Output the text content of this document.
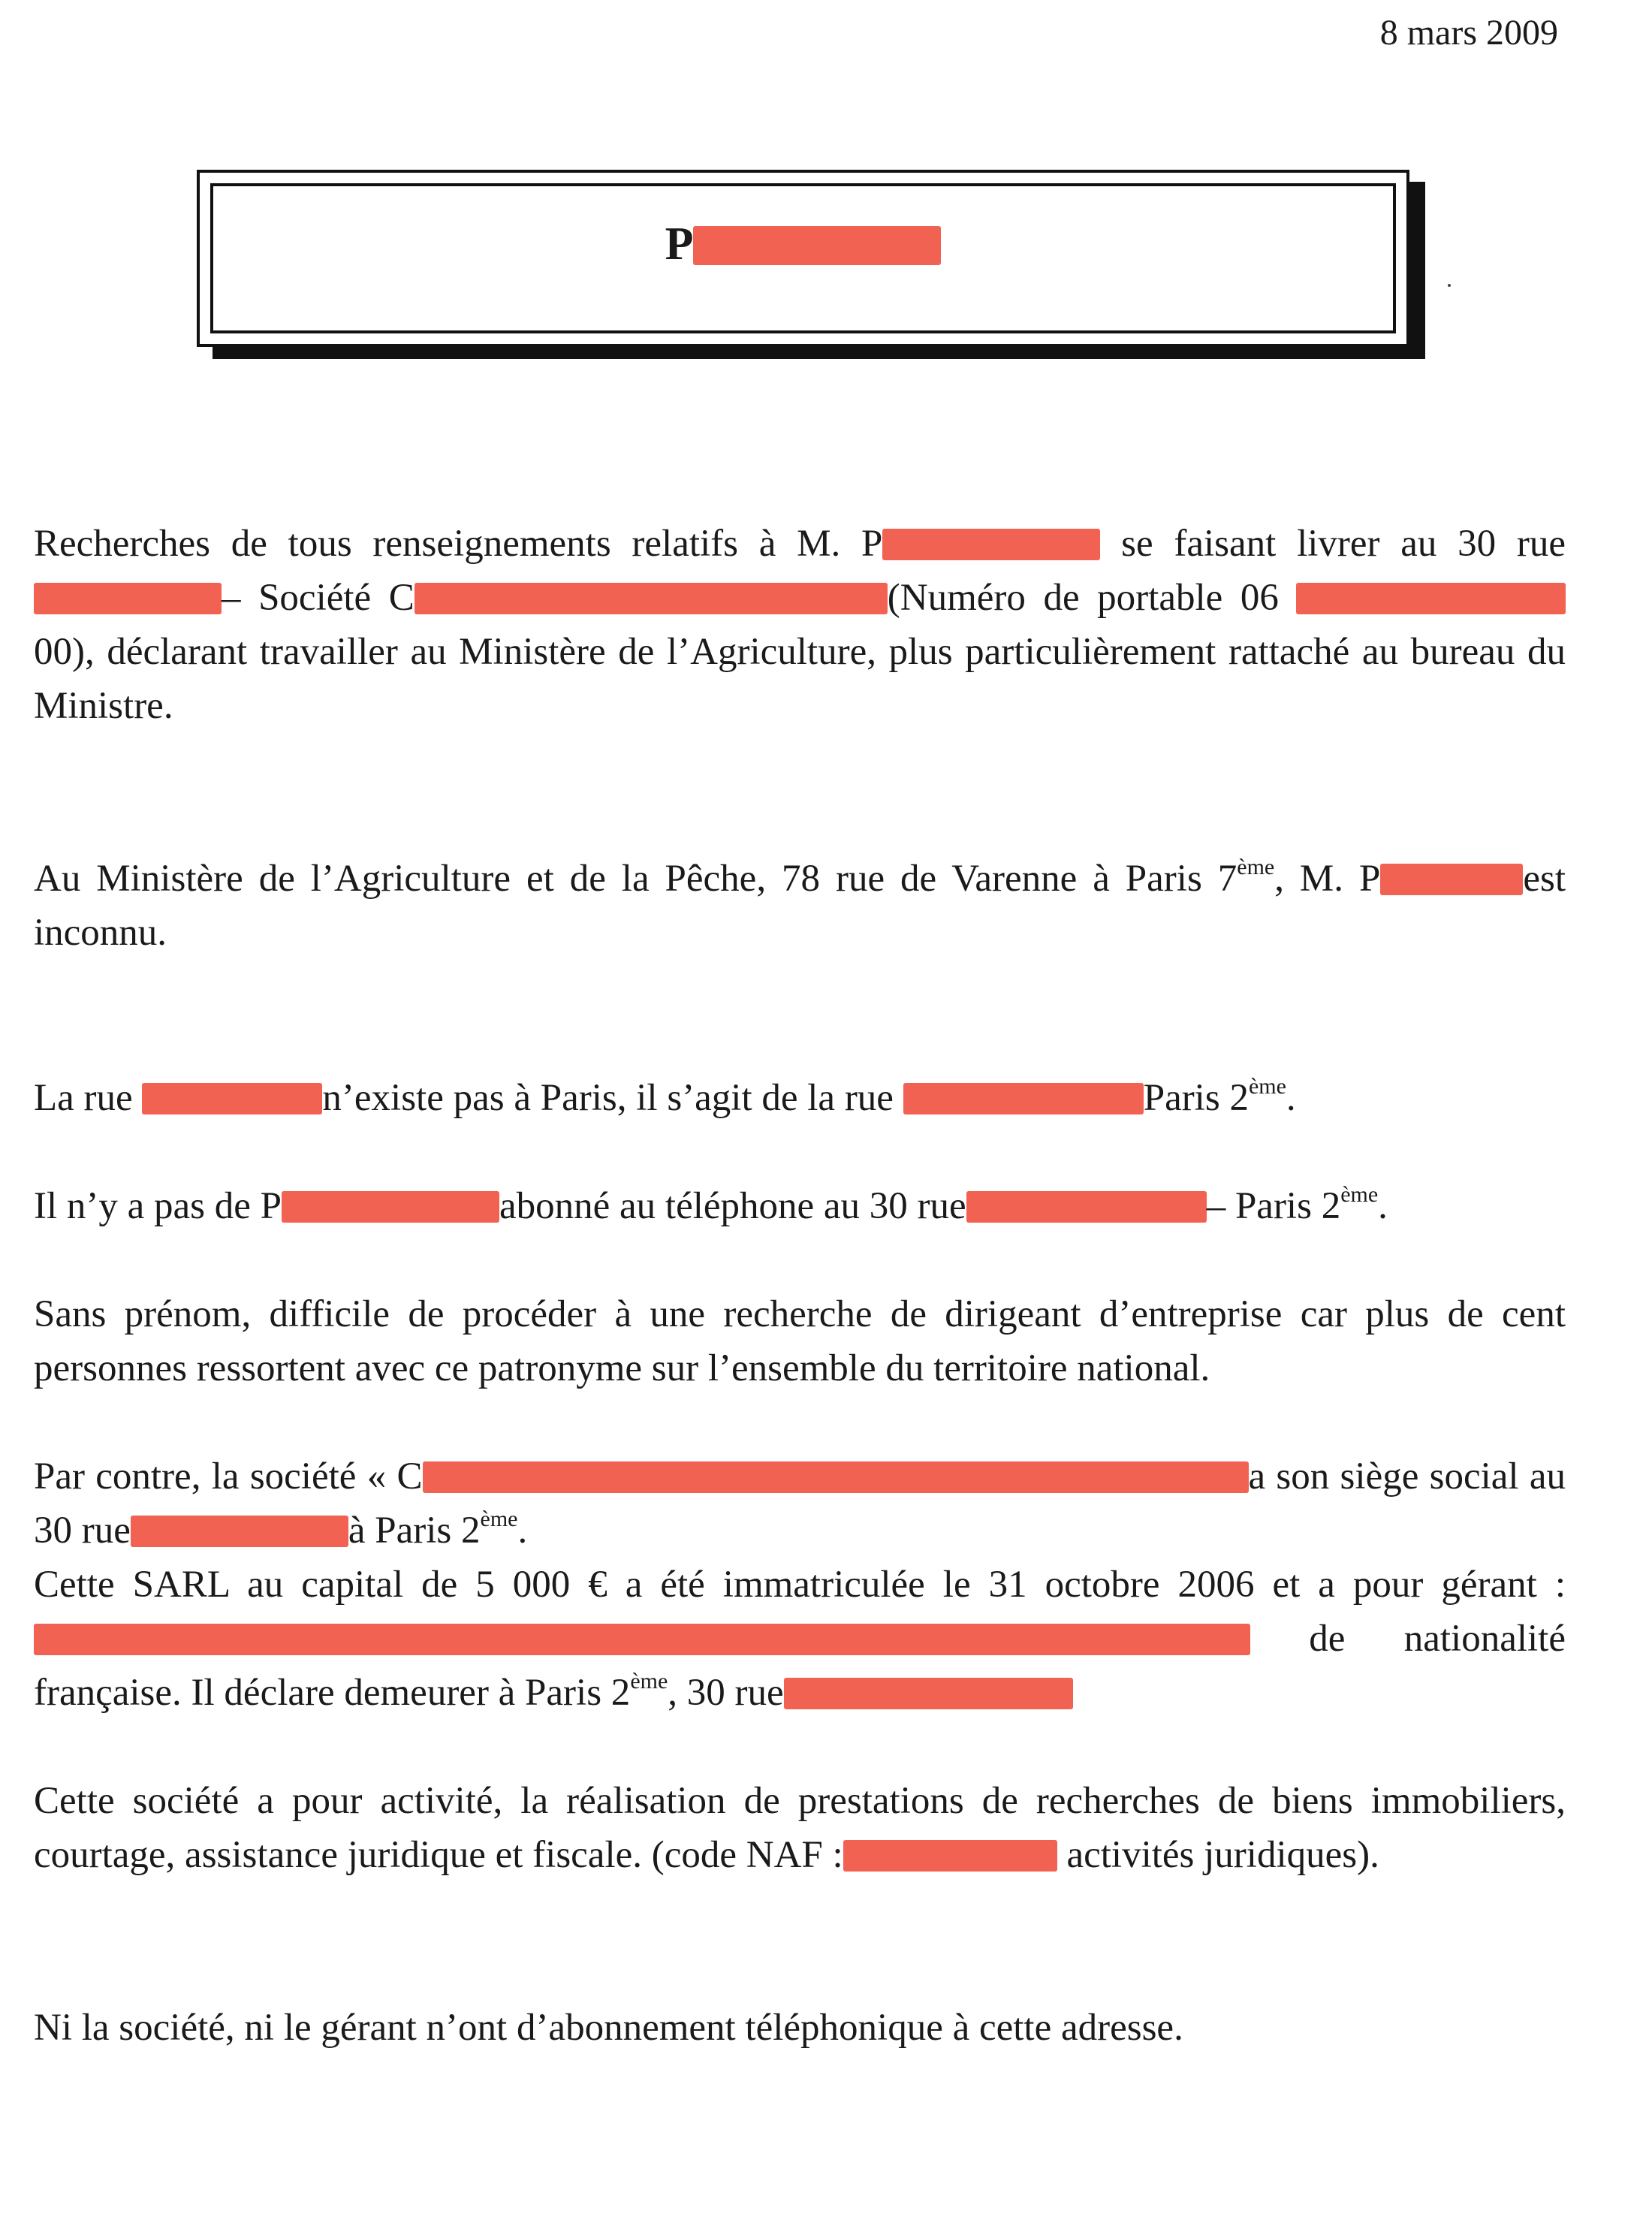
8 mars 2009
P

Recherches de tous renseignements relatifs à M. P	se faisant livrer au 30 rue – Société C	(Numéro de portable 06   00), déclarant travailler au Ministère de l’Agriculture, plus particulièrement rattaché au bureau du Ministre.

Au Ministère de l’Agriculture et de la Pêche, 78 rue de Varenne à Paris 7ème, M. P	est inconnu.

La rue	n’existe pas à Paris, il s’agit de la rue	Paris 2ème.

Il n’y a pas de P	abonné au téléphone au 30 rue	– Paris 2ème.

Sans prénom, difficile de procéder à une recherche de dirigeant d’entreprise car plus de cent personnes ressortent avec ce patronyme sur l’ensemble du territoire national.

Par contre, la société « C	a son siège social au 30 rue	à Paris 2ème.

Cette SARL au capital de 5 000 € a été immatriculée le 31 octobre 2006 et a pour gérant :  de nationalité française. Il déclare demeurer à Paris 2ème, 30 rue

Cette société a pour activité, la réalisation de prestations de recherches de biens immobiliers, courtage, assistance juridique et fiscale. (code NAF :	activités juridiques).

Ni la société, ni le gérant n’ont d’abonnement téléphonique à cette adresse.
